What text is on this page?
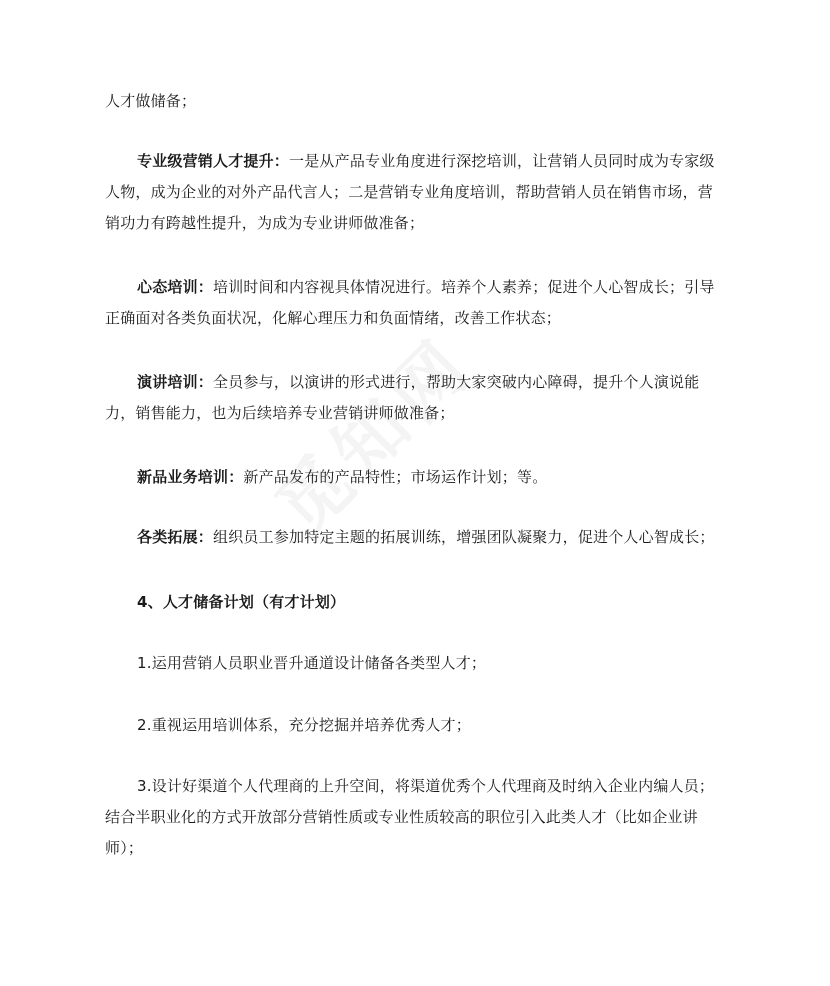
人才做储备；

专业级营销人才提升：一是从产品专业角度进行深挖培训，让营销人员同时成为专家级人物，成为企业的对外产品代言人；二是营销专业角度培训，帮助营销人员在销售市场，营销功力有跨越性提升，为成为专业讲师做准备；

心态培训：培训时间和内容视具体情况进行。培养个人素养；促进个人心智成长；引导正确面对各类负面状况，化解心理压力和负面情绪，改善工作状态；

演讲培训：全员参与，以演讲的形式进行，帮助大家突破内心障碍，提升个人演说能力，销售能力，也为后续培养专业营销讲师做准备；

新品业务培训：新产品发布的产品特性；市场运作计划；等。

各类拓展：组织员工参加特定主题的拓展训练，增强团队凝聚力，促进个人心智成长；

4、人才储备计划（有才计划）

1.运用营销人员职业晋升通道设计储备各类型人才；

2.重视运用培训体系，充分挖掘并培养优秀人才；

3.设计好渠道个人代理商的上升空间，将渠道优秀个人代理商及时纳入企业内编人员；结合半职业化的方式开放部分营销性质或专业性质较高的职位引入此类人才（比如企业讲师）；
